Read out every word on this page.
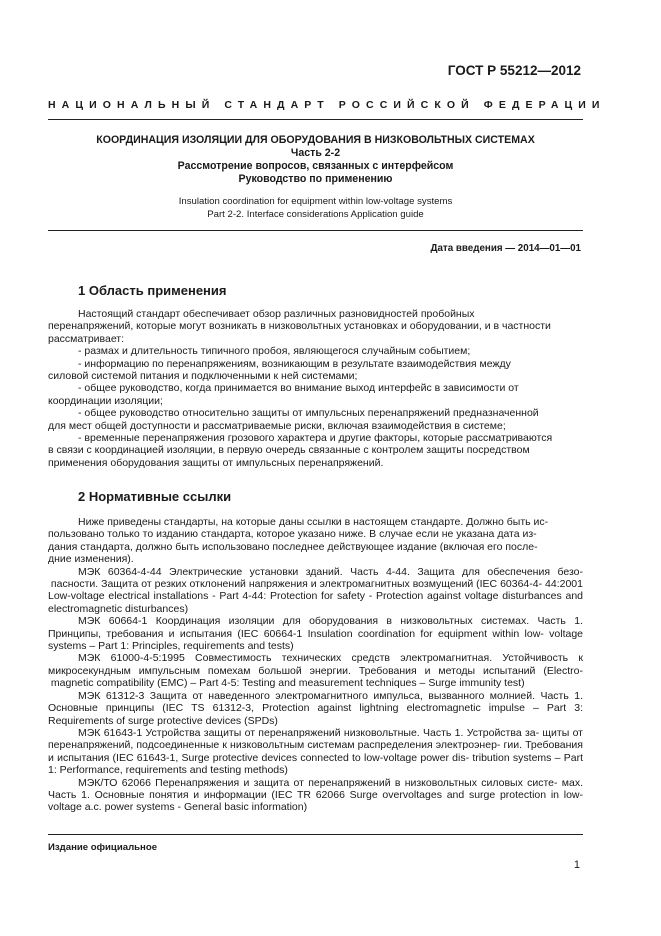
ГОСТ Р 55212—2012
НАЦИОНАЛЬНЫЙ СТАНДАРТ РОССИЙСКОЙ ФЕДЕРАЦИИ
КООРДИНАЦИЯ ИЗОЛЯЦИИ ДЛЯ ОБОРУДОВАНИЯ В НИЗКОВОЛЬТНЫХ СИСТЕМАХ
Часть 2-2
Рассмотрение вопросов, связанных с интерфейсом
Руководство по применению
Insulation coordination for equipment within low-voltage systems
Part 2-2. Interface considerations Application guide
Дата введения — 2014—01—01
1 Область применения

Настоящий стандарт обеспечивает обзор различных разновидностей пробойных

перенапряжений, которые могут возникать в низковольтных установках и оборудовании, и в частности

рассматривает:

- размах и длительность типичного пробоя, являющегося случайным событием;

- информацию по перенапряжениям, возникающим в результате взаимодействия между

силовой системой питания и подключенными к ней системами;

- общее руководство, когда принимается во внимание выход интерфейс в зависимости от

координации изоляции;

- общее руководство относительно защиты от импульсных перенапряжений предназначенной

для мест общей доступности и рассматриваемые риски, включая взаимодействия в системе;

- временные перенапряжения грозового характера и другие факторы, которые рассматриваются

в связи с координацией изоляции, в первую очередь связанные с контролем защиты посредством

применения оборудования защиты от импульсных перенапряжений.

2 Нормативные ссылки

Ниже приведены стандарты, на которые даны ссылки в настоящем стандарте. Должно быть ис-

пользовано только то изданию стандарта, которое указано ниже. В случае если не указана дата из-

дания стандарта, должно быть использовано последнее действующее издание (включая его после-

дние изменения).

МЭК 60364-4-44 Электрические установки зданий. Часть 4-44. Защита для обеспечения безо- пасности. Защита от резких отклонений напряжения и электромагнитных возмущений (IEC 60364-4- 44:2001 Low-voltage electrical installations - Part 4-44: Protection for safety - Protection against voltage disturbances and electromagnetic disturbances)

МЭК 60664-1 Координация изоляции для оборудования в низковольтных системах. Часть 1. Принципы, требования и испытания (IEC 60664-1 Insulation coordination for equipment within low- voltage systems – Part 1: Principles, requirements and tests)

МЭК 61000-4-5:1995 Совместимость технических средств электромагнитная. Устойчивость к микросекундным импульсным помехам большой энергии. Требования и методы испытаний (Electro- magnetic compatibility (EMC) – Part 4-5: Testing and measurement techniques – Surge immunity test)

МЭК 61312-3 Защита от наведенного электромагнитного импульса, вызванного молнией. Часть 1. Основные принципы (IEC TS 61312-3, Protection against lightning electromagnetic impulse – Part 3: Requirements of surge protective devices (SPDs)

МЭК 61643-1 Устройства защиты от перенапряжений низковольтные. Часть 1. Устройства за- щиты от перенапряжений, подсоединенные к низковольтным системам распределения электроэнер- гии. Требования и испытания (IEC 61643-1, Surge protective devices connected to low-voltage power dis- tribution systems – Part 1: Performance, requirements and testing methods)

МЭК/ТО 62066 Перенапряжения и защита от перенапряжений в низковольтных силовых систе- мах. Часть 1. Основные понятия и информации (IEC TR 62066 Surge overvoltages and surge protection in low-voltage a.c. power systems - General basic information)

Издание официальное
1
